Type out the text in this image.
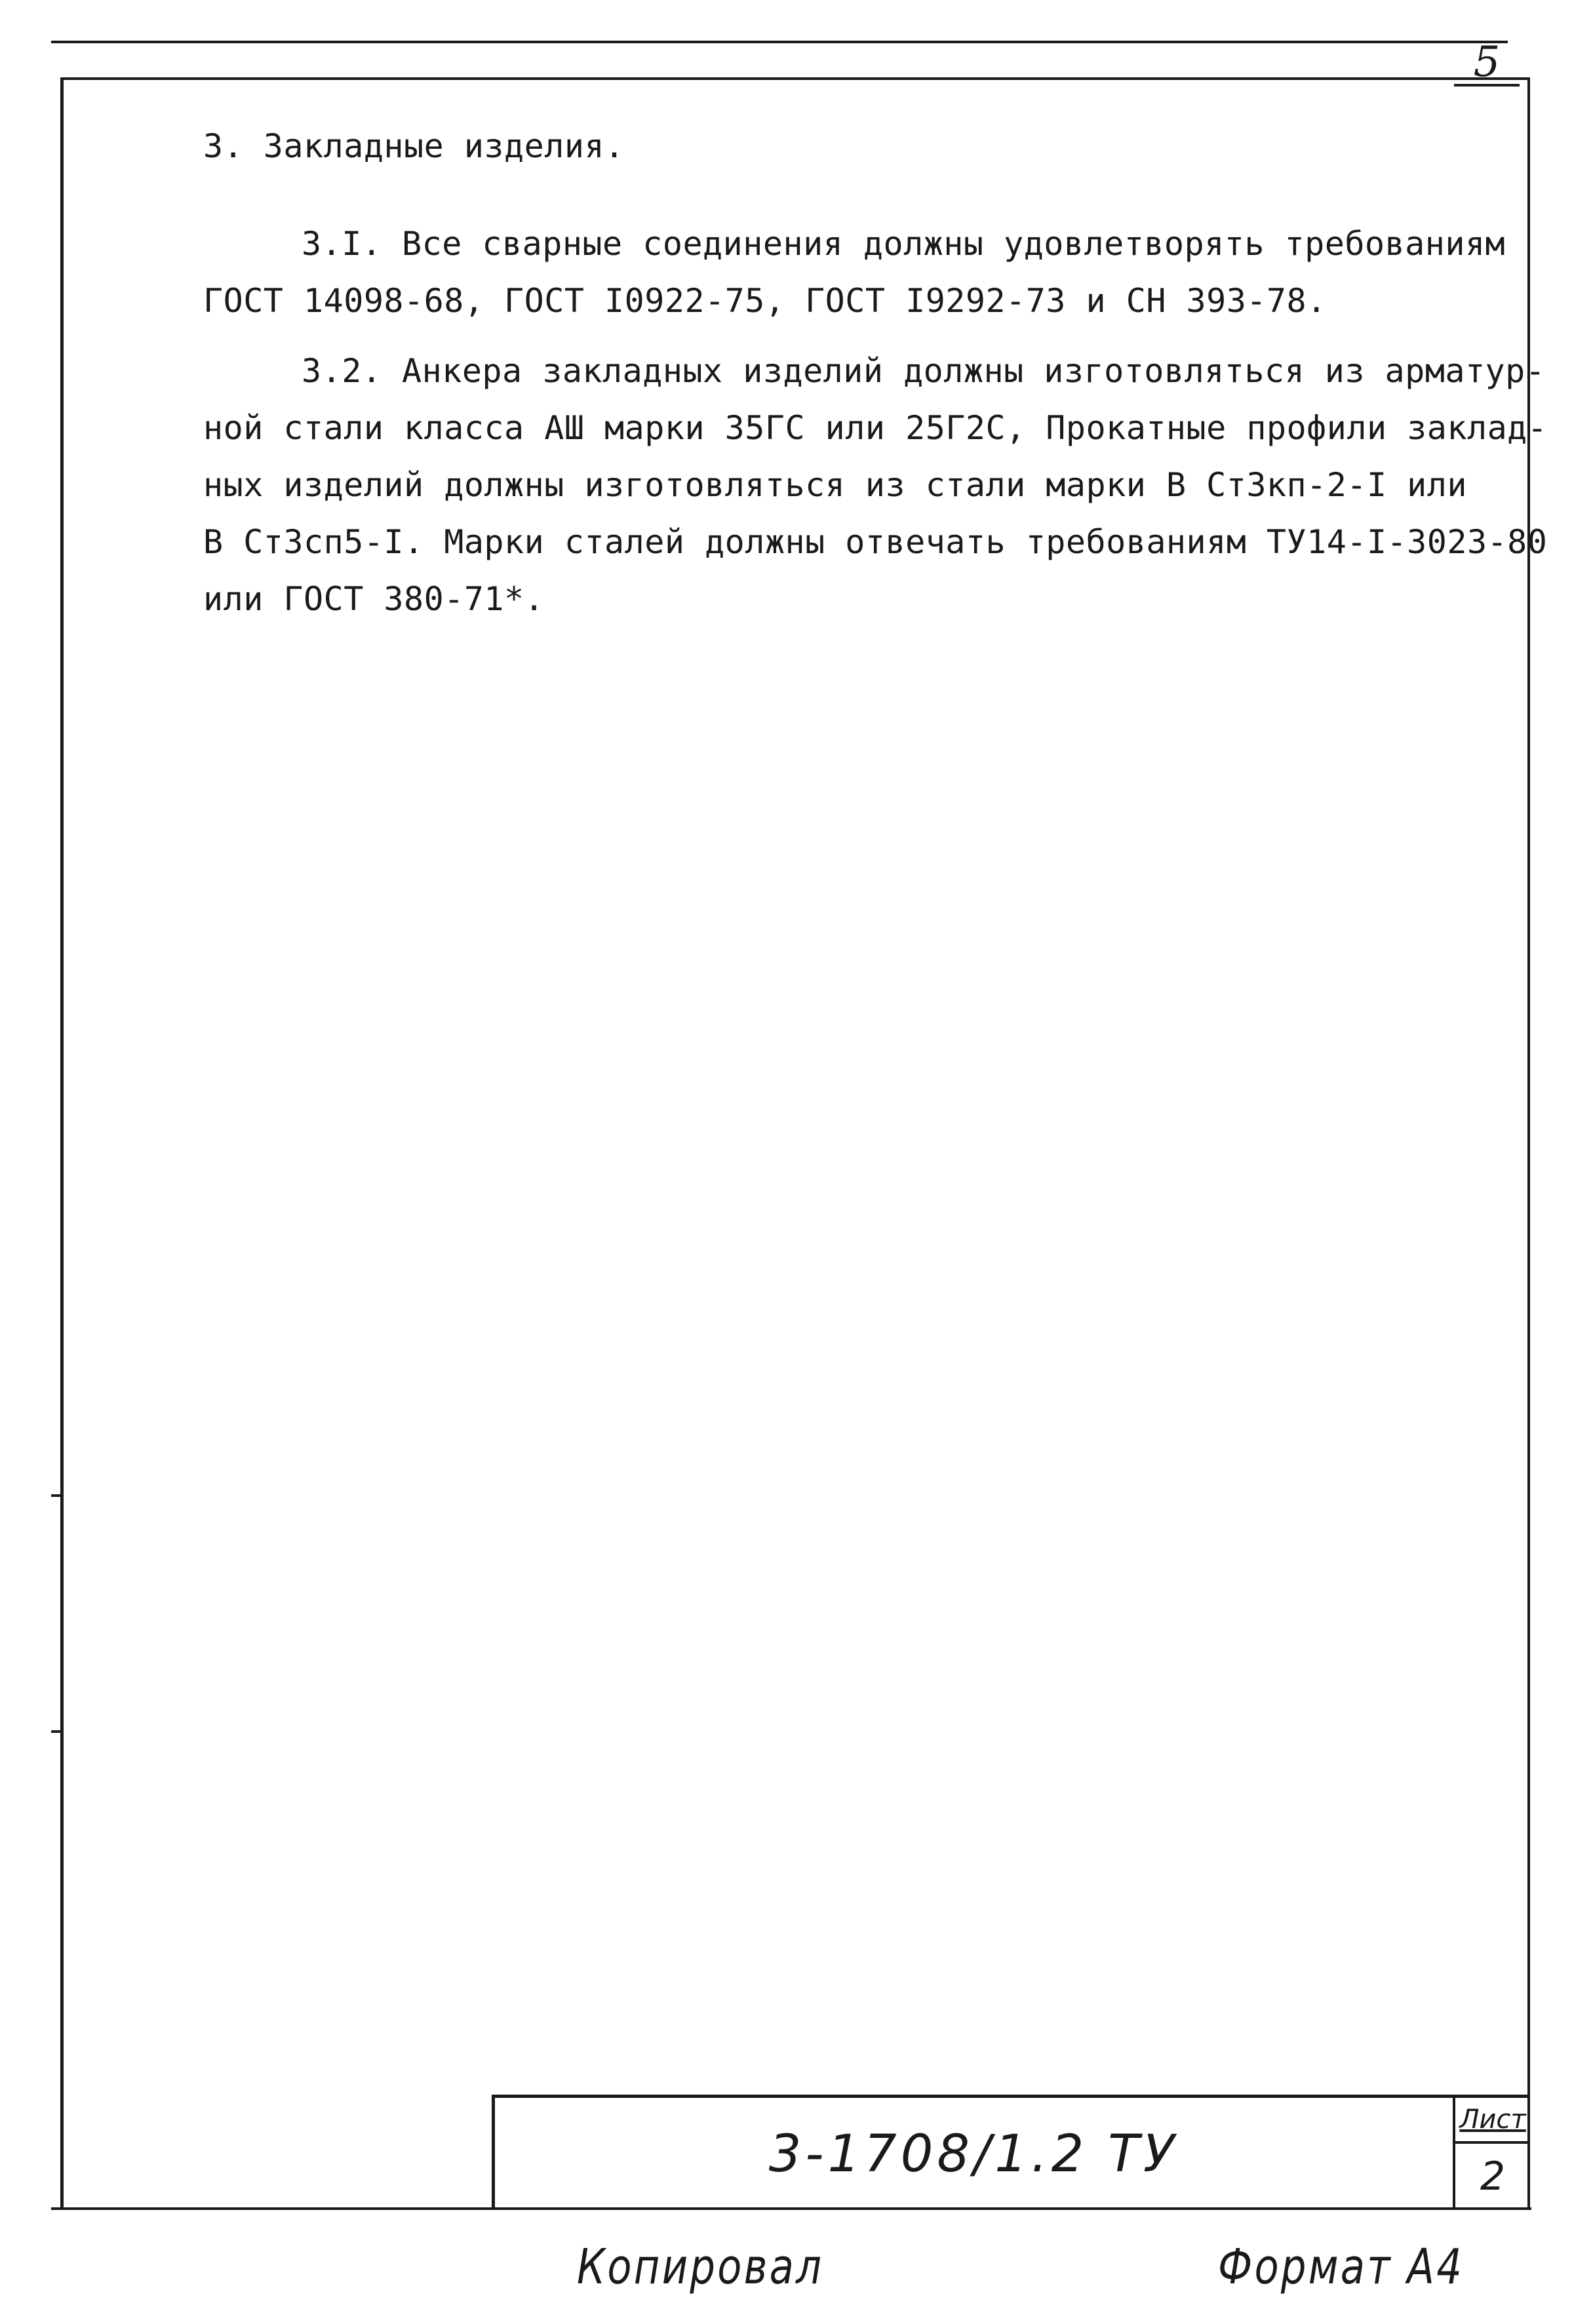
5
3. Закладные изделия.
3.I. Все сварные соединения должны удовлетворять требованиям
ГОСТ 14098-68, ГОСТ I0922-75, ГОСТ I9292-73 и СН 393-78.
3.2. Анкера закладных изделий должны изготовляться из арматур-
ной стали класса АШ марки 35ГС или 25Г2С, Прокатные профили заклад-
ных изделий должны изготовляться из стали марки В Ст3кп-2-I или
В Ст3сп5-I. Марки сталей должны отвечать требованиям ТУ14-I-3023-80
или ГОСТ 380-71*.
3-1708/1.2 ТУ
Лист
2
Копировал	Формат А4
